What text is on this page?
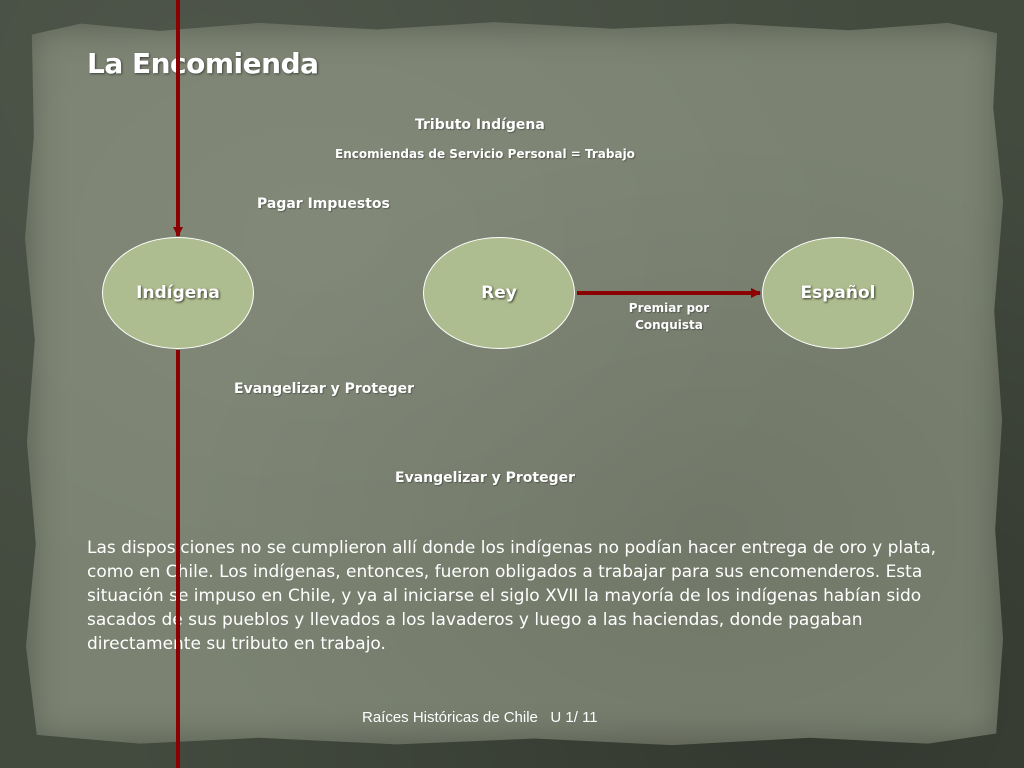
La Encomienda
Tributo Indígena
Encomiendas de Servicio Personal = Trabajo
Pagar Impuestos
Indígena	Rey	Español
Premiar por
Conquista
Evangelizar y Proteger
Evangelizar y Proteger

Las disposiciones no se cumplieron allí donde los indígenas no podían hacer entrega de oro y plata, como en Chile. Los indígenas, entonces, fueron obligados a trabajar para sus encomenderos. Esta situación se impuso en Chile, y ya al iniciarse el siglo XVII la mayoría de los indígenas habían sido sacados de sus pueblos y llevados a los lavaderos y luego a las haciendas, donde pagaban directamente su tributo en trabajo.

Raíces Históricas de Chile   U 1/ 11
